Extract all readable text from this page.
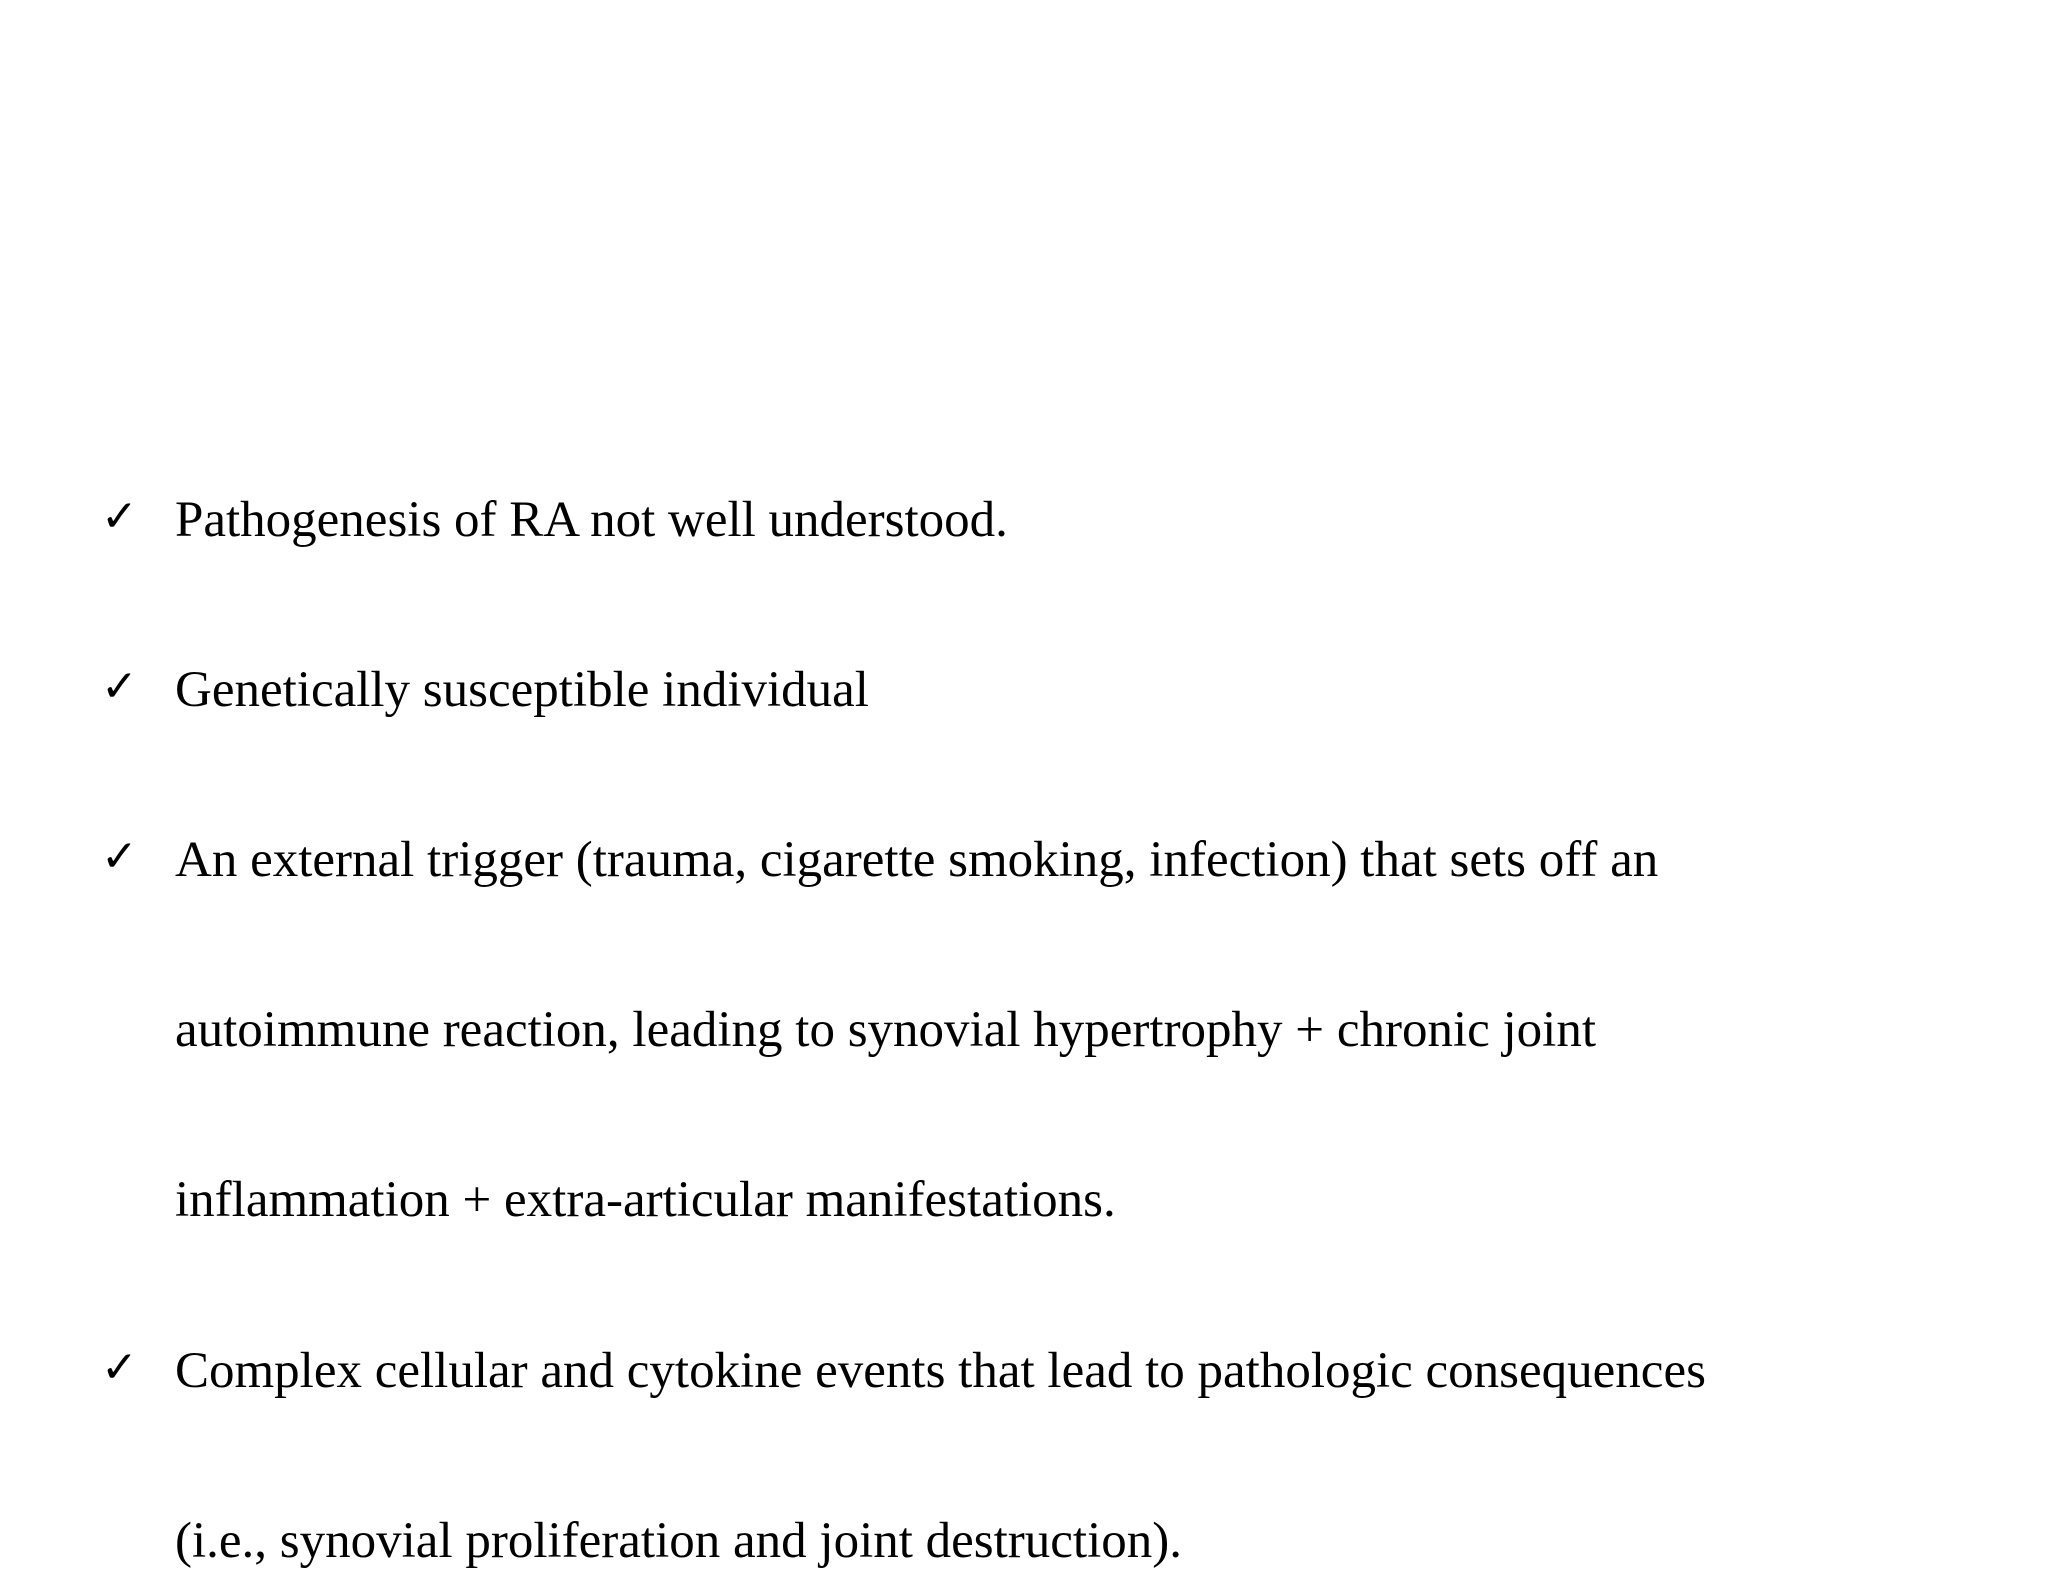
✓ Pathogenesis of RA not well understood.
✓ Genetically susceptible individual
✓ An external trigger (trauma, cigarette smoking, infection) that sets off an
autoimmune reaction, leading to synovial hypertrophy + chronic joint
inflammation + extra-articular manifestations.
✓ Complex cellular and cytokine events that lead to pathologic consequences
(i.e., synovial proliferation and joint destruction).
